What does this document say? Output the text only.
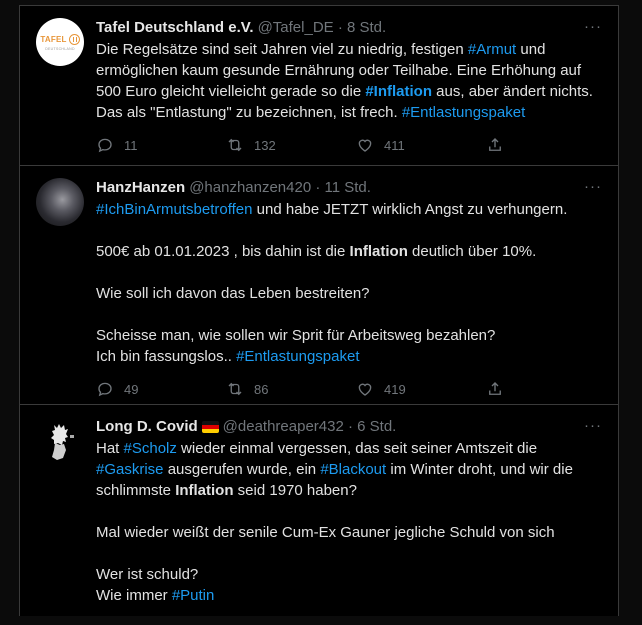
TAFEL
DEUTSCHLAND
Tafel Deutschland e.V. @Tafel_DE · 8 Std.	···

Die Regelsätze sind seit Jahren viel zu niedrig, festigen #Armut und ermöglichen kaum gesunde Ernährung oder Teilhabe. Eine Erhöhung auf 500 Euro gleicht vielleicht gerade so die #Inflation aus, aber ändert nichts. Das als "Entlastung" zu bezeichnen, ist frech. #Entlastungspaket

11	132	411
HanzHanzen @hanzhanzen420 · 11 Std.	···

#IchBinArmutsbetroffen und habe JETZT wirklich Angst zu verhungern.

500€ ab 01.01.2023 , bis dahin ist die Inflation deutlich über 10%.

Wie soll ich davon das Leben bestreiten?

Scheisse man, wie sollen wir Sprit für Arbeitsweg bezahlen?

Ich bin fassungslos.. #Entlastungspaket

49	86	419
Long D. Covid @deathreaper432 · 6 Std.	···

Hat #Scholz wieder einmal vergessen, das seit seiner Amtszeit die #Gaskrise ausgerufen wurde, ein #Blackout im Winter droht, und wir die schlimmste Inflation seid 1970 haben?

Mal wieder weißt der senile Cum-Ex Gauner jegliche Schuld von sich

Wer ist schuld?

Wie immer #Putin
